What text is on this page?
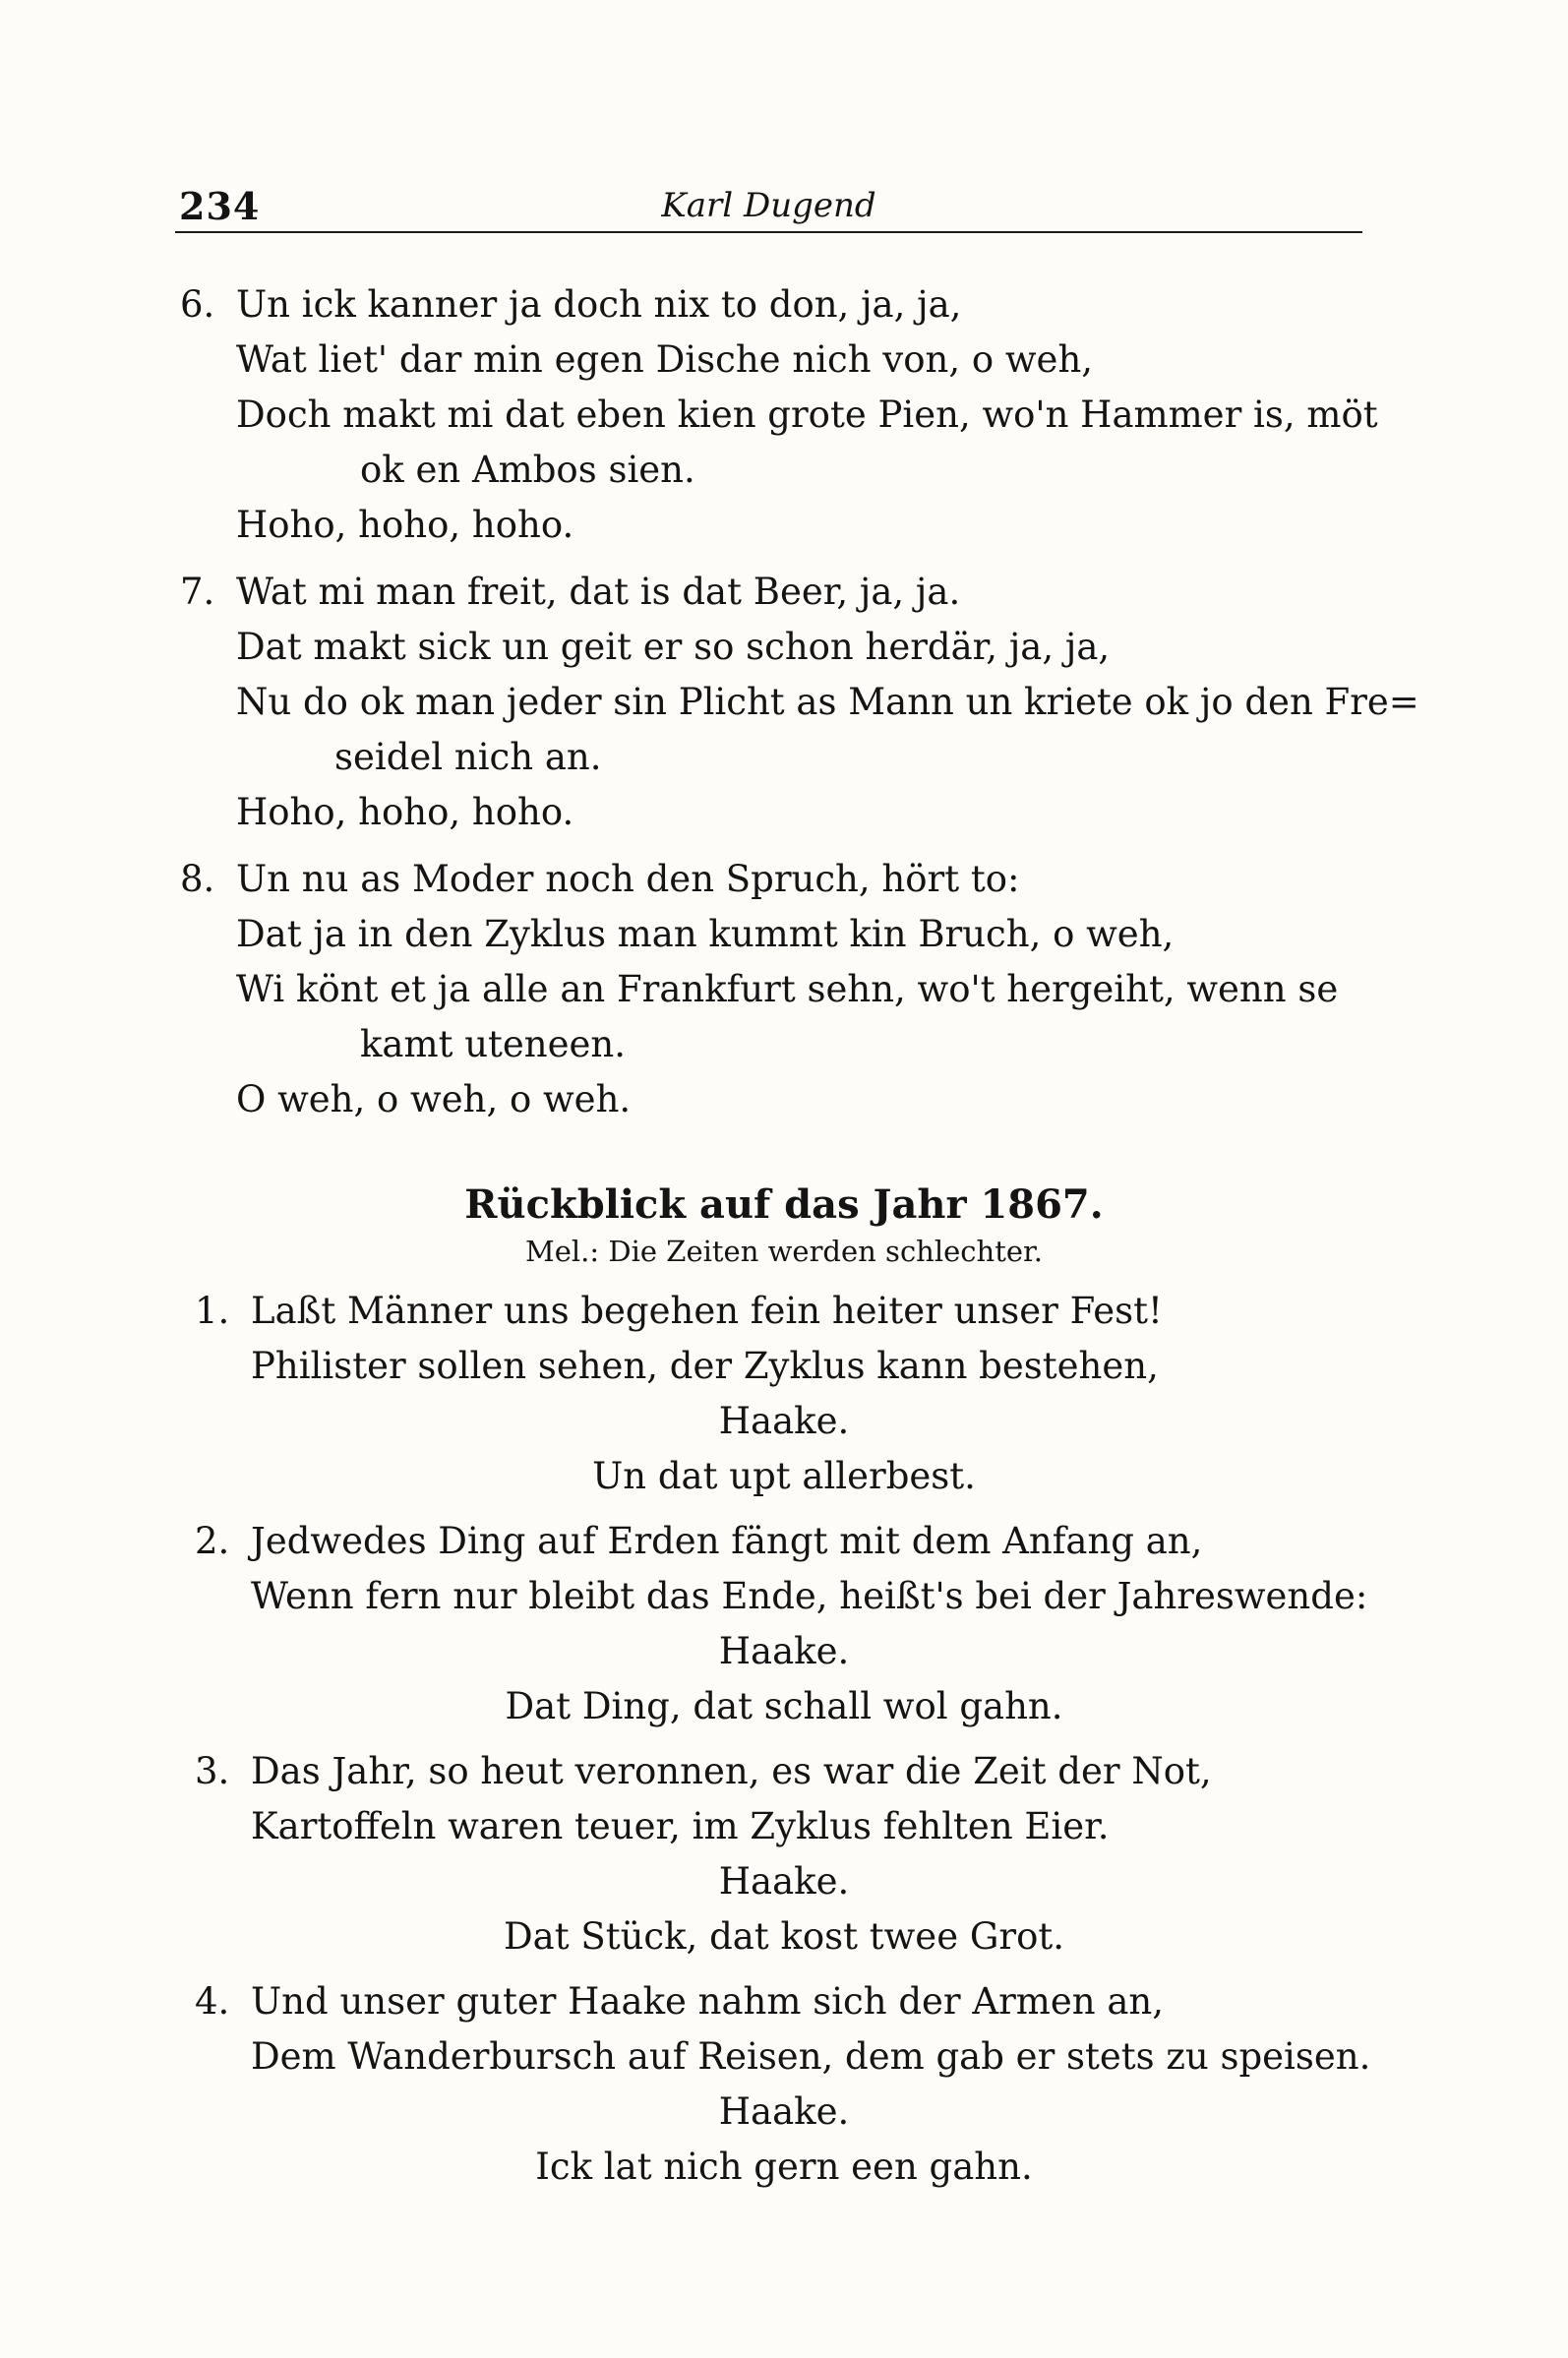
234	Karl Dugend
6. Un ick kanner ja doch nix to don, ja, ja,
Wat liet' dar min egen Dische nich von, o weh,
Doch makt mi dat eben kien grote Pien, wo'n Hammer is, möt
ok en Ambos sien.
Hoho, hoho, hoho.
7. Wat mi man freit, dat is dat Beer, ja, ja.
Dat makt sick un geit er so schon herdär, ja, ja,
Nu do ok man jeder sin Plicht as Mann un kriete ok jo den Fre=
seidel nich an.
Hoho, hoho, hoho.
8. Un nu as Moder noch den Spruch, hört to:
Dat ja in den Zyklus man kummt kin Bruch, o weh,
Wi könt et ja alle an Frankfurt sehn, wo't hergeiht, wenn se
kamt uteneen.
O weh, o weh, o weh.
Rückblick auf das Jahr 1867.
Mel.: Die Zeiten werden schlechter.
1. Laßt Männer uns begehen fein heiter unser Fest!
Philister sollen sehen, der Zyklus kann bestehen,
Haake.
Un dat upt allerbest.
2. Jedwedes Ding auf Erden fängt mit dem Anfang an,
Wenn fern nur bleibt das Ende, heißt's bei der Jahreswende:
Haake.
Dat Ding, dat schall wol gahn.
3. Das Jahr, so heut veronnen, es war die Zeit der Not,
Kartoffeln waren teuer, im Zyklus fehlten Eier.
Haake.
Dat Stück, dat kost twee Grot.
4. Und unser guter Haake nahm sich der Armen an,
Dem Wanderbursch auf Reisen, dem gab er stets zu speisen.
Haake.
Ick lat nich gern een gahn.
